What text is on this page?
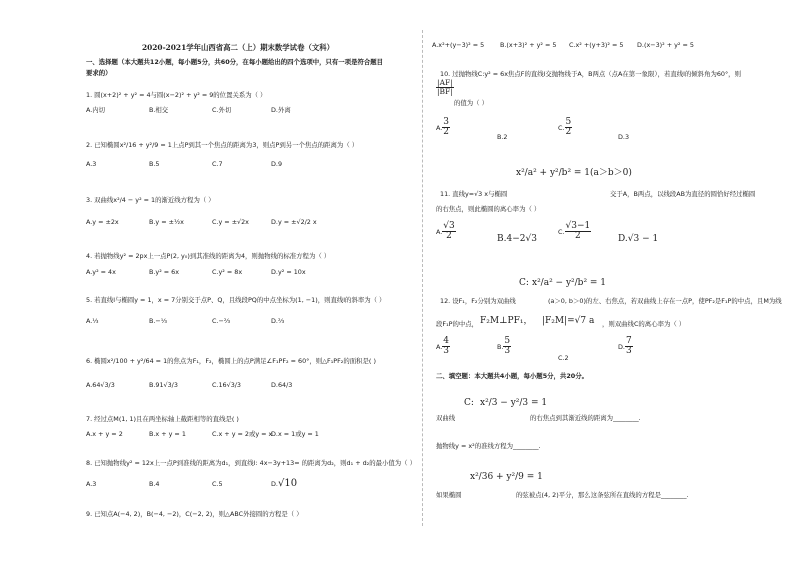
2020-2021学年山西省高二（上）期末数学试卷（文科）
一、选择题（本大题共12小题，每小题5分，共60分，在每小题给出的四个选项中，只有一项是符合题目
要求的）
1. 圆(x+2)² + y² = 4与圆(x−2)² + y² = 9的位置关系为（ ）
A.内切	B.相交	C.外切	D.外离
2. 已知椭圆x²/16 + y²/9 = 1上点P到其一个焦点的距离为3，则点P到另一个焦点的距离为（ ）
A.3	B.5	C.7	D.9
3. 双曲线x²/4 − y² = 1的渐近线方程为（ ）
A.y = ±2x	B.y = ±½x	C.y = ±√2x	D.y = ±√2/2 x
4. 若抛物线y² = 2px上一点P(2, y₀)到其准线的距离为4，则抛物线的标准方程为（ ）
A.y² = 4x	B.y² = 6x	C.y² = 8x	D.y² = 10x
5. 若直线l与椭圆y = 1，x = 7分别交于点P、Q，且线段PQ的中点坐标为(1, −1)，则直线l的斜率为（ ）
A.⅓	B.−⅓	C.−⅔	D.⅔
6. 椭圆x²/100 + y²/64 = 1的焦点为F₁，F₂，椭圆上的点P满足∠F₁PF₂ = 60°，则△F₁PF₂的面积是( )
A.64√3/3	B.91√3/3	C.16√3/3	D.64/3
7. 经过点M(1, 1)且在两坐标轴上截距相等的直线是( )
A.x + y = 2	B.x + y = 1	C.x + y = 2或y = x
D.x = 1或y = 1
8. 已知抛物线y² = 12x上一点P到准线的距离为d₁，到直线l: 4x−3y+13= 的距离为d₂，则d₁ + d₂的最小值为（ ）
A.3	B.4	C.5	D.√10
9. 已知点A(−4, 2)，B(−4, −2)，C(−2, 2)，则△ABC外接圆的方程是（ ）
A.x²+(y−3)² = 5 B.(x+3)² + y² = 5 C.x² +(y+3)² = 5 D.(x−3)² + y² = 5
10. 过抛物线C:y² = 6x焦点F的直线l交抛物线于A，B两点（点A在第一象限），若直线l的倾斜角为60°，则
$\frac{|AF|}{|BF|}$
的值为（ ）
A. $\frac{3}{2}$	B.2
C. $\frac{5}{2}$	D.3
x²/a² + y²/b² = 1(a＞b＞0)
11. 直线y=√3 x与椭圆	交于A，B两点，以线段AB为直径的圆恰好经过椭圆
的右焦点，则此椭圆的离心率为（ ）
A. $\frac{√3}{2}$	B.4−2√3
C. $\frac{√3-1}{2}$	D.√3 − 1
C: x²/a² − y²/b² = 1
12. 设F₁，F₂分别为双曲线	(a＞0, b＞0)的左、右焦点，若双曲线上存在一点P，使PF₂是F₁P的中点，且M为线
段F₁P的中点， F₂M⊥PF₁， |F₂M|=√7 a ，则双曲线C的离心率为（ ）
A. $\frac{4}{3}$	B. $\frac{5}{3}$
C.2
D. $\frac{7}{3}$
二、填空题：本大题共4小题，每小题5分，共20分。
C: x²/3 − y²/3 = 1
双曲线	的右焦点到其渐近线的距离为________.
抛物线y = x²的准线方程为________.
x²/36 + y²/9 = 1
如果椭圆	的弦被点(4, 2)平分，那么这条弦所在直线的方程是________.
